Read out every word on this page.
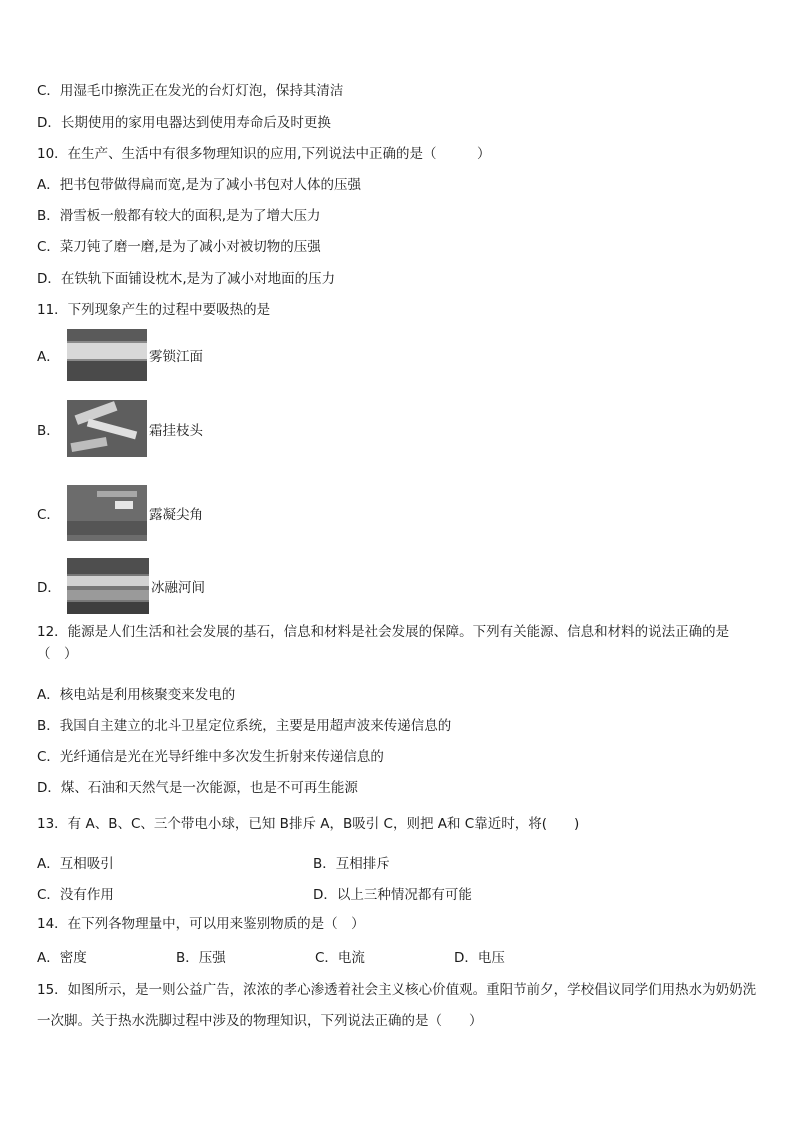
C．用湿毛巾擦洗正在发光的台灯灯泡，保持其清洁
D．长期使用的家用电器达到使用寿命后及时更换
10．在生产、生活中有很多物理知识的应用,下列说法中正确的是（　　　）
A．把书包带做得扁而宽,是为了减小书包对人体的压强
B．滑雪板一般都有较大的面积,是为了增大压力
C．菜刀钝了磨一磨,是为了减小对被切物的压强
D．在铁轨下面铺设枕木,是为了减小对地面的压力
11．下列现象产生的过程中要吸热的是
A．	雾锁江面
B．	霜挂枝头
C．	露凝尖角
D．	冰融河间
12．能源是人们生活和社会发展的基石，信息和材料是社会发展的保障。下列有关能源、信息和材料的说法正确的是（　）
A．核电站是利用核聚变来发电的
B．我国自主建立的北斗卫星定位系统，主要是用超声波来传递信息的
C．光纤通信是光在光导纤维中多次发生折射来传递信息的
D．煤、石油和天然气是一次能源，也是不可再生能源
13．有 A、B、C、三个带电小球，已知 B排斥 A，B吸引 C，则把 A和 C靠近时，将(　　)
A．互相吸引	B．互相排斥
C．没有作用	D．以上三种情况都有可能
14．在下列各物理量中，可以用来鉴别物质的是（　）
A．密度	B．压强	C．电流	D．电压
15．如图所示，是一则公益广告，浓浓的孝心渗透着社会主义核心价值观。重阳节前夕，学校倡议同学们用热水为奶奶洗一次脚。关于热水洗脚过程中涉及的物理知识，下列说法正确的是（　　）
